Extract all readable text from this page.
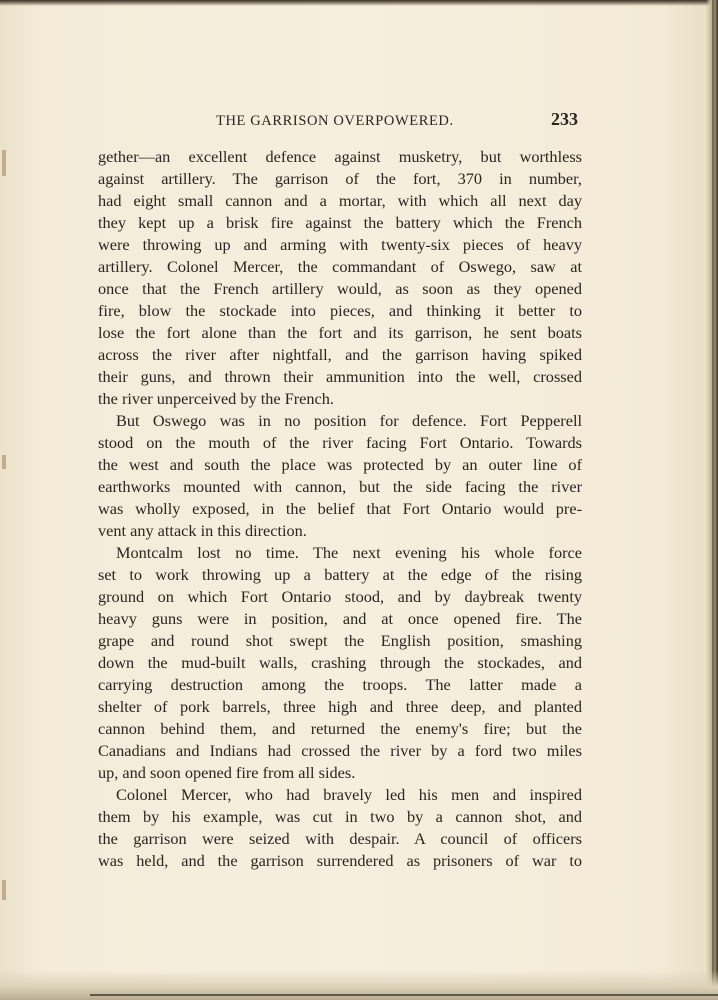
THE GARRISON OVERPOWERED.	233
gether—an excellent defence against musketry, but worthless
against artillery. The garrison of the fort, 370 in number,
had eight small cannon and a mortar, with which all next day
they kept up a brisk fire against the battery which the French
were throwing up and arming with twenty-six pieces of heavy
artillery. Colonel Mercer, the commandant of Oswego, saw at
once that the French artillery would, as soon as they opened
fire, blow the stockade into pieces, and thinking it better to
lose the fort alone than the fort and its garrison, he sent boats
across the river after nightfall, and the garrison having spiked
their guns, and thrown their ammunition into the well, crossed
the river unperceived by the French.
But Oswego was in no position for defence. Fort Pepperell
stood on the mouth of the river facing Fort Ontario. Towards
the west and south the place was protected by an outer line of
earthworks mounted with cannon, but the side facing the river
was wholly exposed, in the belief that Fort Ontario would pre-
vent any attack in this direction.
Montcalm lost no time. The next evening his whole force
set to work throwing up a battery at the edge of the rising
ground on which Fort Ontario stood, and by daybreak twenty
heavy guns were in position, and at once opened fire. The
grape and round shot swept the English position, smashing
down the mud-built walls, crashing through the stockades, and
carrying destruction among the troops. The latter made a
shelter of pork barrels, three high and three deep, and planted
cannon behind them, and returned the enemy's fire; but the
Canadians and Indians had crossed the river by a ford two miles
up, and soon opened fire from all sides.
Colonel Mercer, who had bravely led his men and inspired
them by his example, was cut in two by a cannon shot, and
the garrison were seized with despair. A council of officers
was held, and the garrison surrendered as prisoners of war to
